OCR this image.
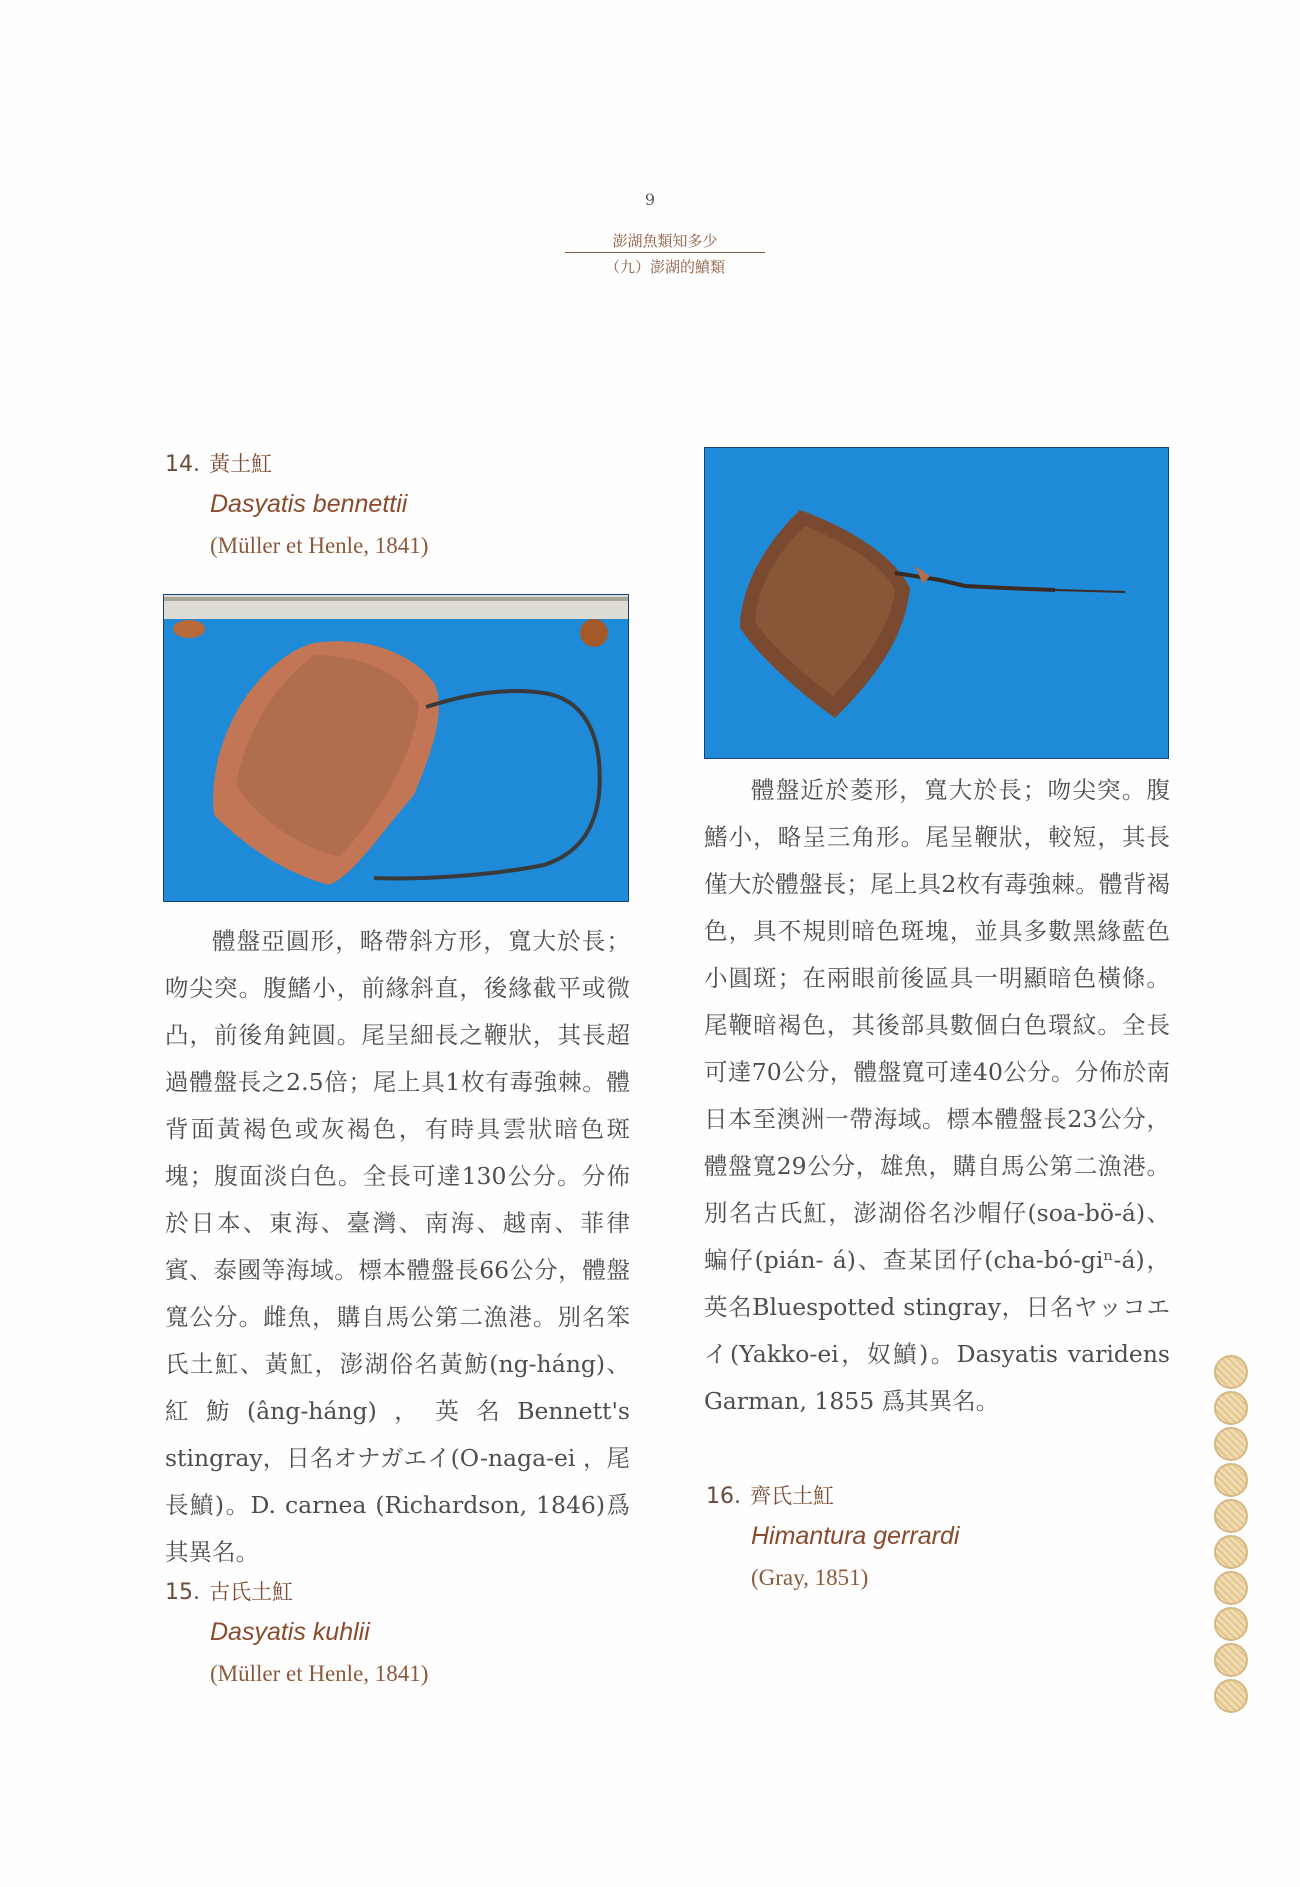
9
澎湖魚類知多少
（九）澎湖的鱝類
14. 黃土魟
Dasyatis bennettii
(Müller et Henle, 1841)

體盤亞圓形，略帶斜方形，寬大於長；吻尖突。腹鰭小，前緣斜直，後緣截平或微凸，前後角鈍圓。尾呈細長之鞭狀，其長超過體盤長之2.5倍；尾上具1枚有毒強棘。體背面黃褐色或灰褐色，有時具雲狀暗色斑塊；腹面淡白色。全長可達130公分。分佈於日本、東海、臺灣、南海、越南、菲律賓、泰國等海域。標本體盤長66公分，體盤寬公分。雌魚，購自馬公第二漁港。別名笨氏土魟、黃魟，澎湖俗名黃魴(ng-háng)、紅魴(âng-háng)，英名Bennett's stingray，日名オナガエイ(O-naga-ei ，尾長鱝)。D. carnea (Richardson, 1846)爲其異名。

15. 古氏土魟
Dasyatis kuhlii
(Müller et Henle, 1841)

體盤近於菱形，寬大於長；吻尖突。腹鰭小，略呈三角形。尾呈鞭狀，較短，其長僅大於體盤長；尾上具2枚有毒強棘。體背褐色，具不規則暗色斑塊，並具多數黑緣藍色小圓斑；在兩眼前後區具一明顯暗色橫條。尾鞭暗褐色，其後部具數個白色環紋。全長可達70公分，體盤寬可達40公分。分佈於南日本至澳洲一帶海域。標本體盤長23公分，體盤寬29公分，雄魚，購自馬公第二漁港。別名古氏魟，澎湖俗名沙帽仔(soa-bö-á)、蝙仔(pián- á)、查某囝仔(cha-bó-giⁿ-á)，英名Bluespotted stingray，日名ヤッコエイ(Yakko-ei，奴鱝)。Dasyatis varidens Garman, 1855 爲其異名。

16. 齊氏土魟
Himantura gerrardi
(Gray, 1851)
